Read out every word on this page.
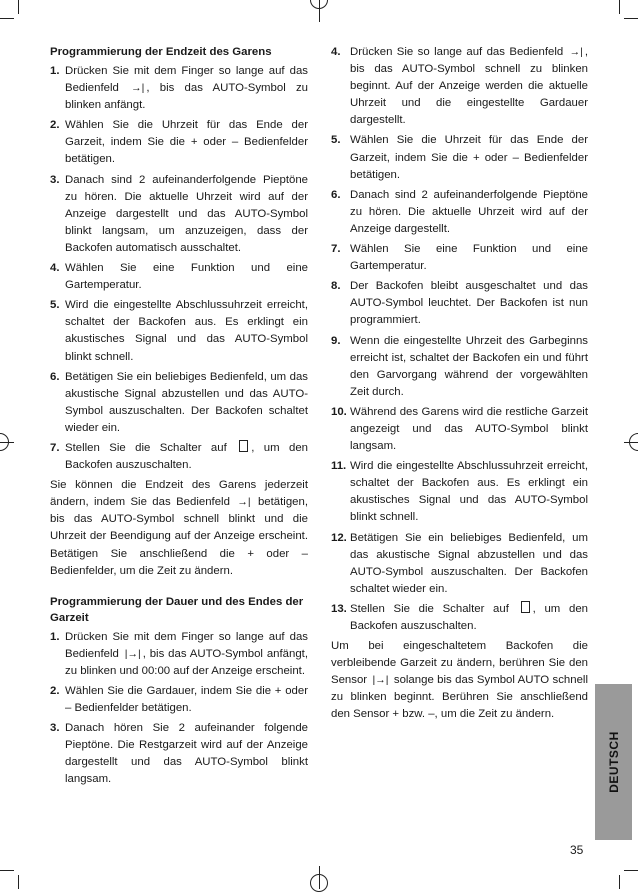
Programmierung der Endzeit des Garens
1. Drücken Sie mit dem Finger so lange auf das Bedienfeld →| , bis das AUTO-Symbol zu blinken anfängt.
2. Wählen Sie die Uhrzeit für das Ende der Garzeit, indem Sie die + oder – Bedienfelder betätigen.
3. Danach sind 2 aufeinanderfolgende Pieptöne zu hören. Die aktuelle Uhrzeit wird auf der Anzeige dargestellt und das AUTO-Symbol blinkt langsam, um anzuzeigen, dass der Backofen automatisch ausschaltet.
4. Wählen Sie eine Funktion und eine Gartemperatur.
5. Wird die eingestellte Abschlussuhrzeit erreicht, schaltet der Backofen aus. Es erklingt ein akustisches Signal und das AUTO-Symbol blinkt schnell.
6. Betätigen Sie ein beliebiges Bedienfeld, um das akustische Signal abzustellen und das AUTO-Symbol auszuschalten. Der Backofen schaltet wieder ein.
7. Stellen Sie die Schalter auf , um den Backofen auszuschalten.

Sie können die Endzeit des Garens jederzeit ändern, indem Sie das Bedienfeld →| betätigen, bis das AUTO-Symbol schnell blinkt und die Uhrzeit der Beendigung auf der Anzeige erscheint. Betätigen Sie anschließend die + oder – Bedienfelder, um die Zeit zu ändern.

Programmierung der Dauer und des Endes der Garzeit
1. Drücken Sie mit dem Finger so lange auf das Bedienfeld |→| , bis das AUTO-Symbol anfängt, zu blinken und 00:00 auf der Anzeige erscheint.
2. Wählen Sie die Gardauer, indem Sie die + oder – Bedienfelder betätigen.
3. Danach hören Sie 2 aufeinander folgende Pieptöne. Die Restgarzeit wird auf der Anzeige dargestellt und das AUTO-Symbol blinkt langsam.
4. Drücken Sie so lange auf das Bedienfeld →| , bis das AUTO-Symbol schnell zu blinken beginnt. Auf der Anzeige werden die aktuelle Uhrzeit und die eingestellte Gardauer dargestellt.
5. Wählen Sie die Uhrzeit für das Ende der Garzeit, indem Sie die + oder – Bedienfelder betätigen.
6. Danach sind 2 aufeinanderfolgende Pieptöne zu hören. Die aktuelle Uhrzeit wird auf der Anzeige dargestellt.
7. Wählen Sie eine Funktion und eine Gartemperatur.
8. Der Backofen bleibt ausgeschaltet und das AUTO-Symbol leuchtet. Der Backofen ist nun programmiert.
9. Wenn die eingestellte Uhrzeit des Garbeginns erreicht ist, schaltet der Backofen ein und führt den Garvorgang während der vorgewählten Zeit durch.
10. Während des Garens wird die restliche Garzeit angezeigt und das AUTO-Symbol blinkt langsam.
11. Wird die eingestellte Abschlussuhrzeit erreicht, schaltet der Backofen aus. Es erklingt ein akustisches Signal und das AUTO-Symbol blinkt schnell.
12. Betätigen Sie ein beliebiges Bedienfeld, um das akustische Signal abzustellen und das AUTO-Symbol auszuschalten. Der Backofen schaltet wieder ein.
13. Stellen Sie die Schalter auf , um den Backofen auszuschalten.

Um bei eingeschaltetem Backofen die verbleibende Garzeit zu ändern, berühren Sie den Sensor |→| solange bis das Symbol AUTO schnell zu blinken beginnt. Berühren Sie anschließend den Sensor + bzw. –, um die Zeit zu ändern.

DEUTSCH
35
